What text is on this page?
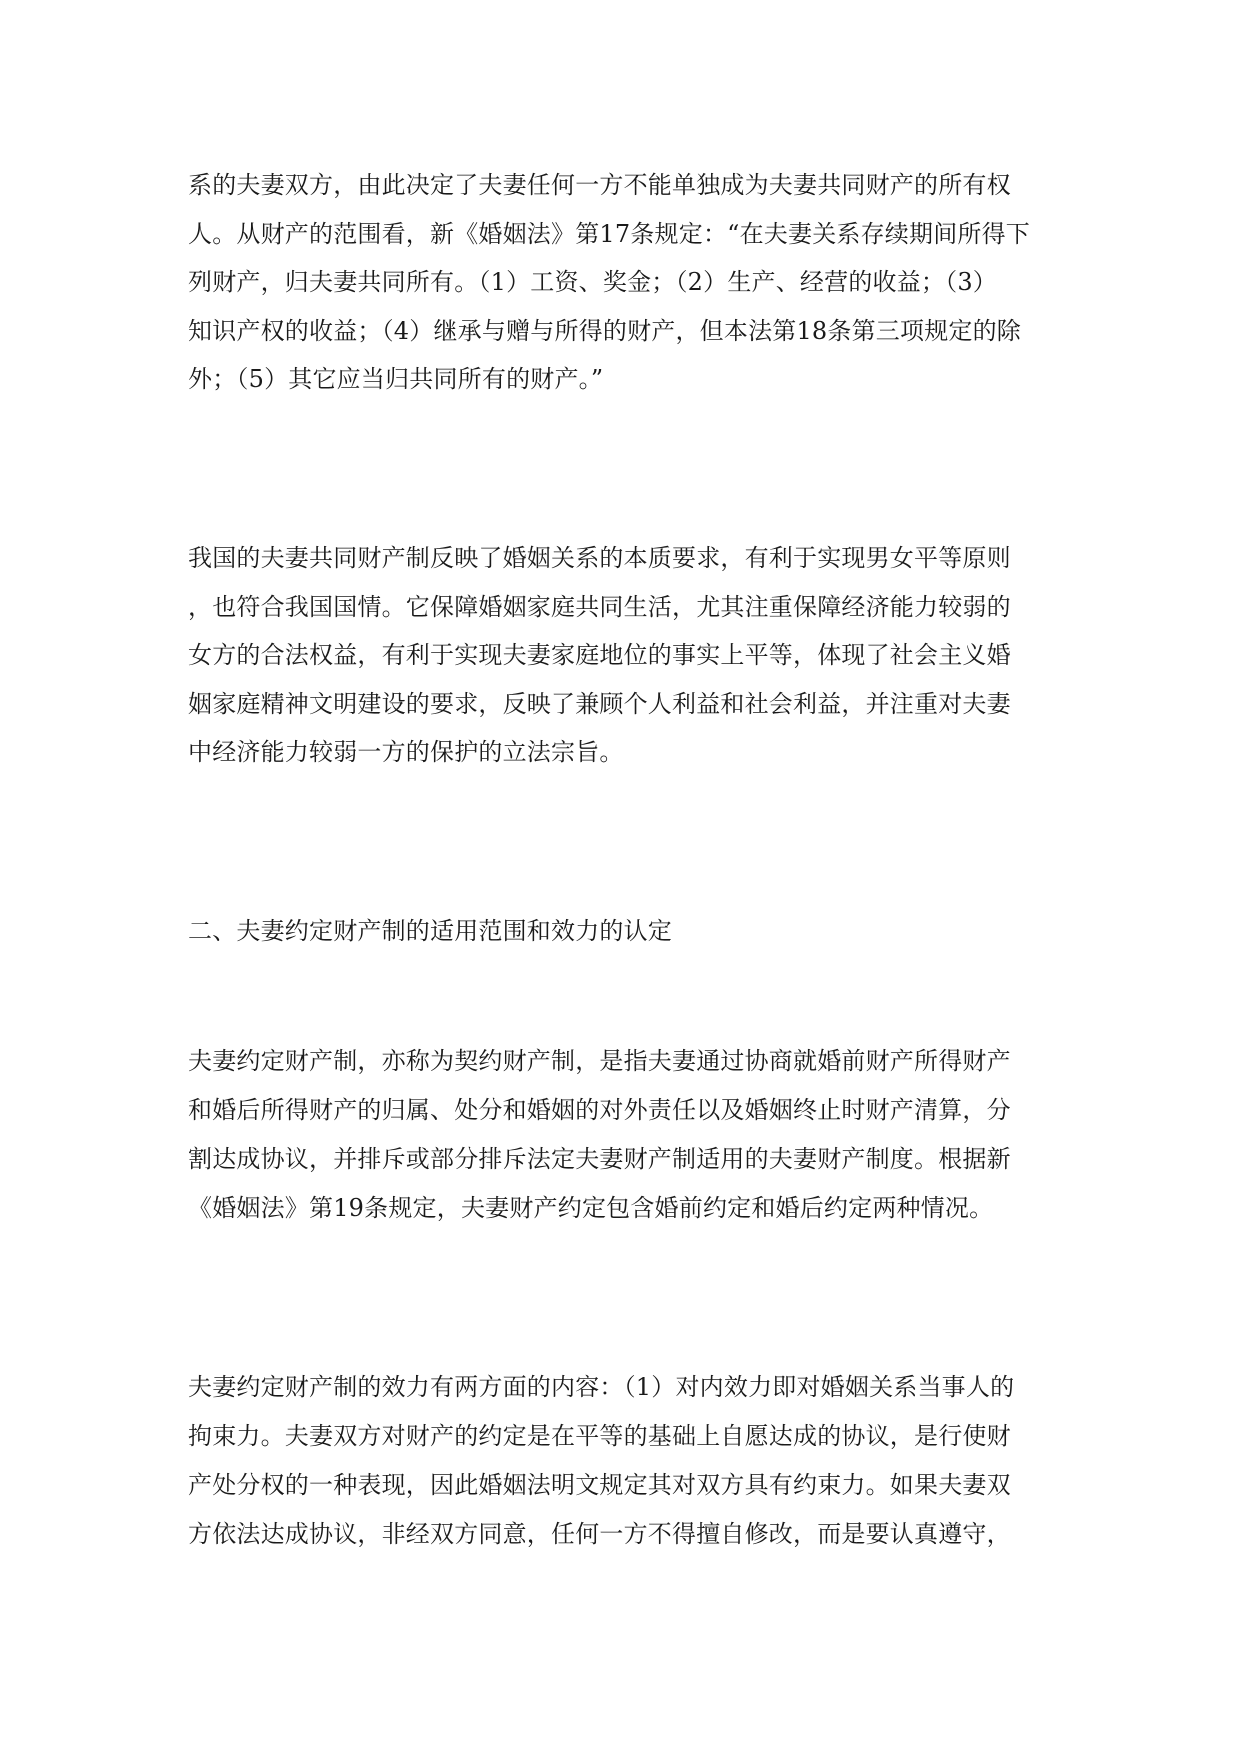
系的夫妻双方，由此决定了夫妻任何一方不能单独成为夫妻共同财产的所有权
人。从财产的范围看，新《婚姻法》第17条规定：“在夫妻关系存续期间所得下
列财产，归夫妻共同所有。（1）工资、奖金；（2）生产、经营的收益；（3）
知识产权的收益；（4）继承与赠与所得的财产，但本法第18条第三项规定的除
外；（5）其它应当归共同所有的财产。”
我国的夫妻共同财产制反映了婚姻关系的本质要求，有利于实现男女平等原则
，也符合我国国情。它保障婚姻家庭共同生活，尤其注重保障经济能力较弱的
女方的合法权益，有利于实现夫妻家庭地位的事实上平等，体现了社会主义婚
姻家庭精神文明建设的要求，反映了兼顾个人利益和社会利益，并注重对夫妻
中经济能力较弱一方的保护的立法宗旨。
二、夫妻约定财产制的适用范围和效力的认定
夫妻约定财产制，亦称为契约财产制，是指夫妻通过协商就婚前财产所得财产
和婚后所得财产的归属、处分和婚姻的对外责任以及婚姻终止时财产清算，分
割达成协议，并排斥或部分排斥法定夫妻财产制适用的夫妻财产制度。根据新
《婚姻法》第19条规定，夫妻财产约定包含婚前约定和婚后约定两种情况。
夫妻约定财产制的效力有两方面的内容：（1）对内效力即对婚姻关系当事人的
拘束力。夫妻双方对财产的约定是在平等的基础上自愿达成的协议，是行使财
产处分权的一种表现，因此婚姻法明文规定其对双方具有约束力。如果夫妻双
方依法达成协议，非经双方同意，任何一方不得擅自修改，而是要认真遵守，
